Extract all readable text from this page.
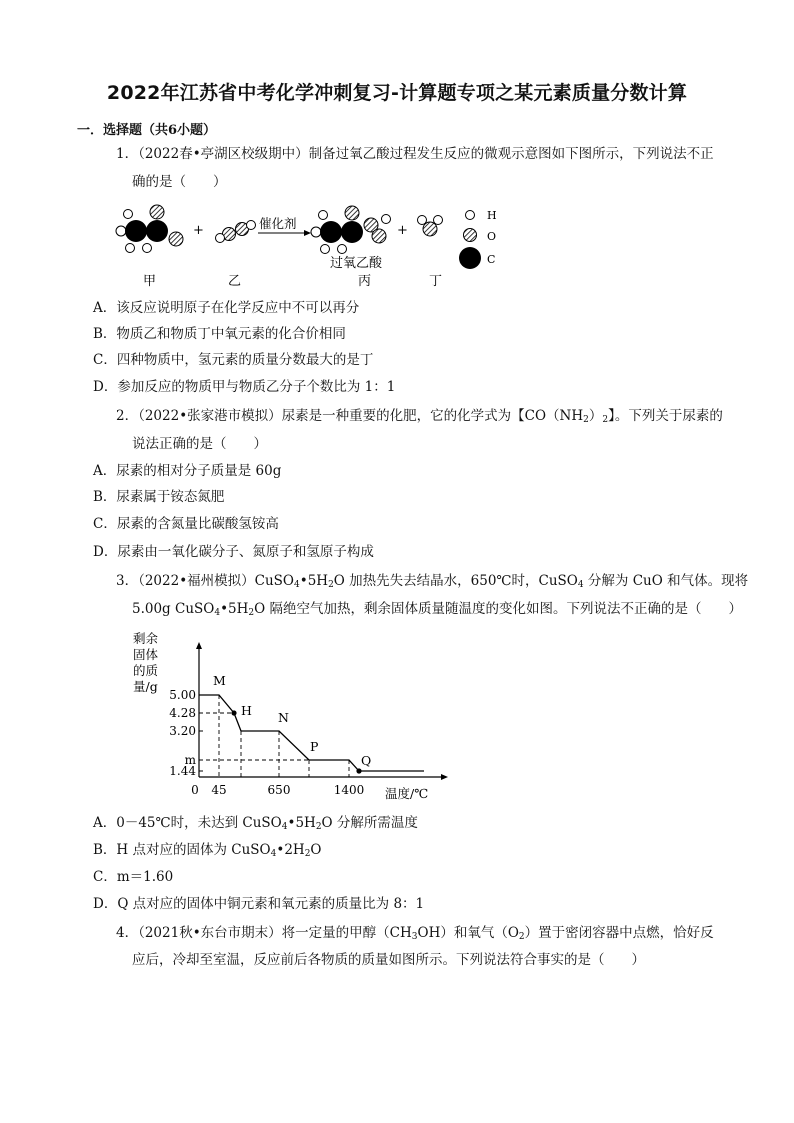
2022年江苏省中考化学冲刺复习-计算题专项之某元素质量分数计算
一．选择题（共6小题）
1．（2022春•亭湖区校级期中）制备过氧乙酸过程发生反应的微观示意图如下图所示，下列说法不正
确的是（　　）
+	催化剂	+
H
O
C
过氧乙酸
甲	乙	丙	丁
A．该反应说明原子在化学反应中不可以再分
B．物质乙和物质丁中氧元素的化合价相同
C．四种物质中，氢元素的质量分数最大的是丁
D．参加反应的物质甲与物质乙分子个数比为 1：1
2．（2022•张家港市模拟）尿素是一种重要的化肥，它的化学式为【$CO(NH_2)_2$】。下列关于尿素的
说法正确的是（　　）
A．尿素的相对分子质量是 60g
B．尿素属于铵态氮肥
C．尿素的含氮量比碳酸氢铵高
D．尿素由一氧化碳分子、氮原子和氢原子构成
3．（2022•福州模拟）$CuSO_4•5H_2O$ 加热先失去结晶水，650℃时，CuSO$_4$ 分解为 CuO 和气体。现将
5.00g $CuSO_4•5H_2O$ 隔绝空气加热，剩余固体质量随温度的变化如图。下列说法不正确的是（　　）
剩余
固体
的质
量/g
温度/℃
5.00
4.28
3.20
m
1.44
0 45	650	1400
M
H N
P
Q
A．0－45℃时，未达到 $CuSO_4•5H_2O$ 分解所需温度
B．H 点对应的固体为 $CuSO_4•2H_2O$
C．m＝1.60
D．Q 点对应的固体中铜元素和氧元素的质量比为 8：1
4．（2021秋•东台市期末）将一定量的甲醇$(CH_3OH)$和氧气$(O_2)$置于密闭容器中点燃，恰好反
应后，冷却至室温，反应前后各物质的质量如图所示。下列说法符合事实的是（　　）
